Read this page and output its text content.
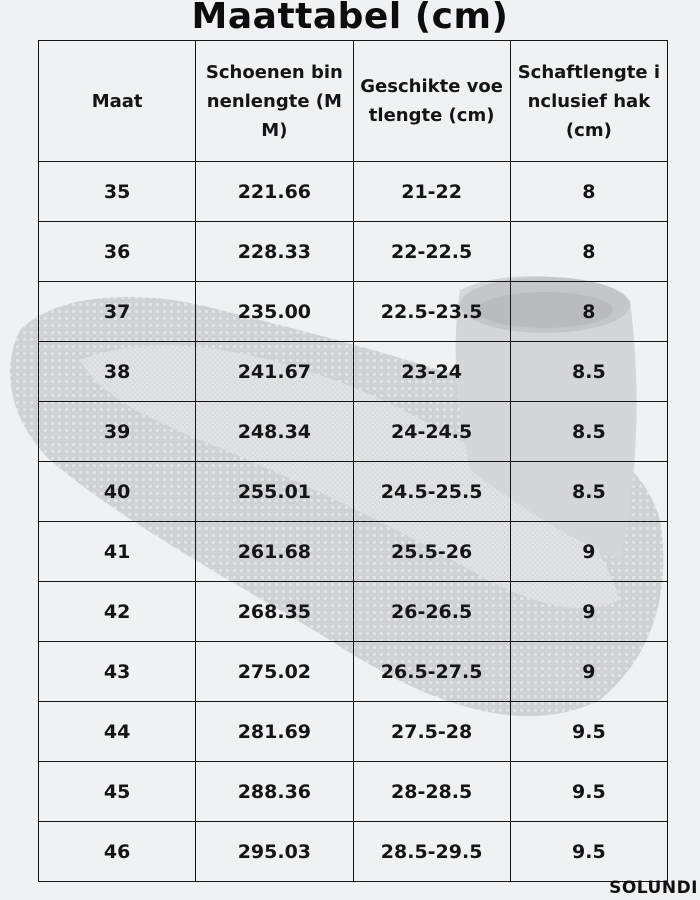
Maattabel (cm)
Maat	Schoenen binnenlengte (MM)	Geschikte voetlengte (cm)	Schaftlengte inclusief hak (cm)
35	221.66	21-22	8
36	228.33	22-22.5	8
37	235.00	22.5-23.5	8
38	241.67	23-24	8.5
39	248.34	24-24.5	8.5
40	255.01	24.5-25.5	8.5
41	261.68	25.5-26	9
42	268.35	26-26.5	9
43	275.02	26.5-27.5	9
44	281.69	27.5-28	9.5
45	288.36	28-28.5	9.5
46	295.03	28.5-29.5	9.5
SOLUNDI
